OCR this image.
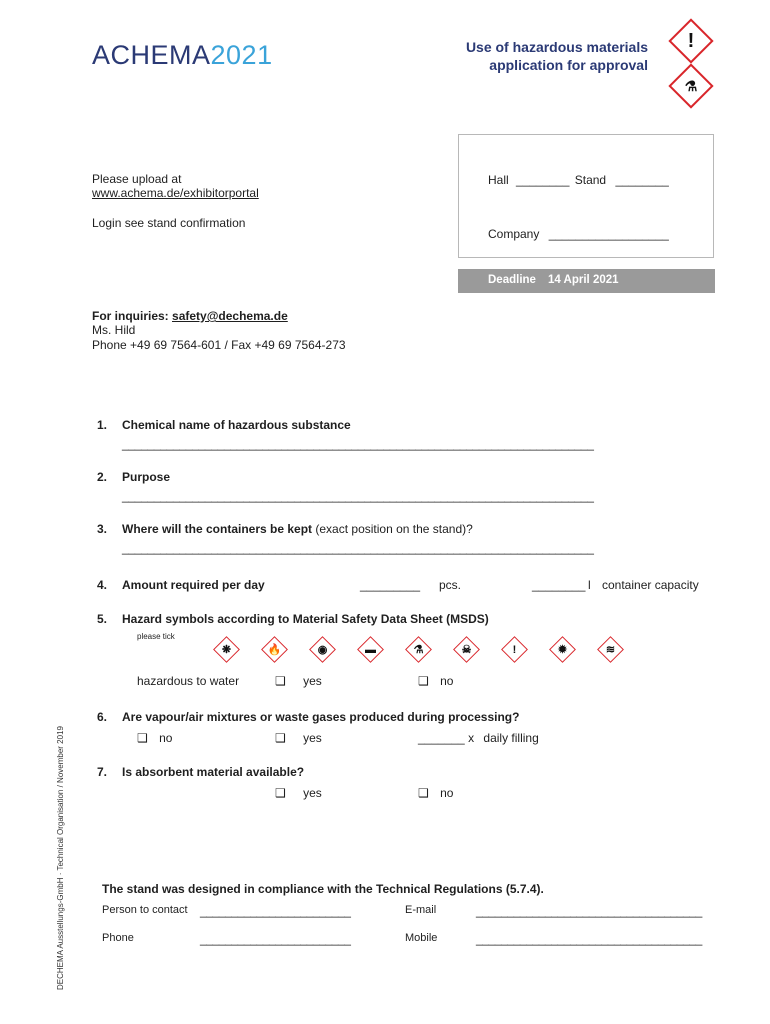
ACHEMA2021	Use of hazardous materials
application for approval
!
⚗
Please upload at
www.achema.de/exhibitorportal
Login see stand confirmation
Hall ________ Stand ________
Company __________________
Deadline 14 April 2021
For inquiries: safety@dechema.de
Ms. Hild
Phone +49 69 7564-601 / Fax +49 69 7564-273
1. Chemical name of hazardous substance
__________________________________________________________________________
2. Purpose
__________________________________________________________________________
3. Where will the containers be kept (exact position on the stand)?
__________________________________________________________________________
4. Amount required per day	_________ pcs.	________ l container capacity
5. Hazard symbols according to Material Safety Data Sheet (MSDS)
please tick
❋	🔥	◉	▬	⚗	☠	!	✹	≋
hazardous to water	❑ yes	❑ no
6. Are vapour/air mixtures or waste gases produced during processing?
❑ no	❑ yes	_______ x daily filling
7. Is absorbent material available?
❑ yes	❑ no
The stand was designed in compliance with the Technical Regulations (5.7.4).
Person to contact ________________________	E-mail	____________________________________
Phone	________________________	Mobile	____________________________________
DECHEMA Ausstellungs-GmbH · Technical Organisation / November 2019
